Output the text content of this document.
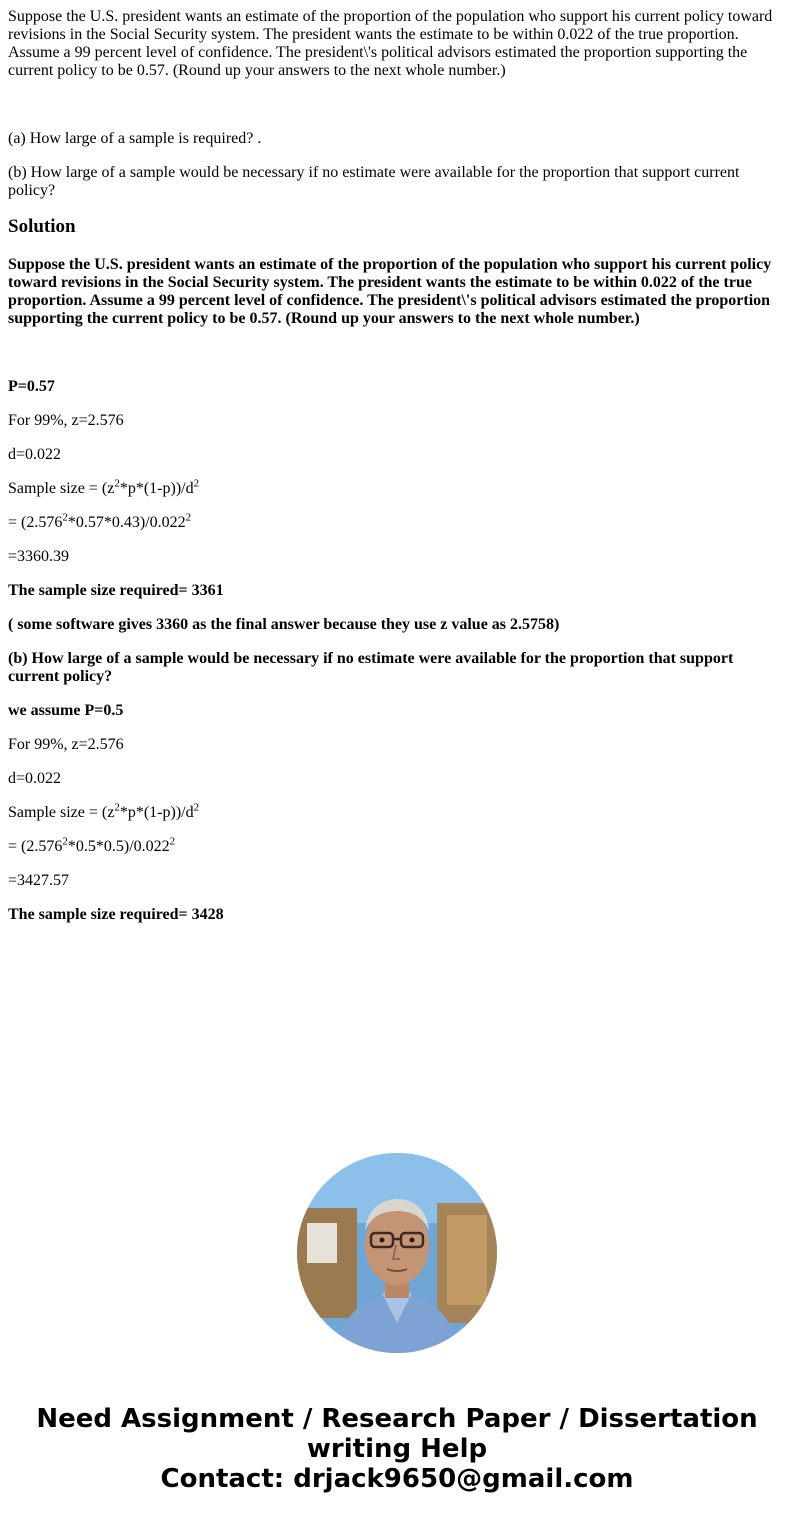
Suppose the U.S. president wants an estimate of the proportion of the population who support his current policy toward revisions in the Social Security system. The president wants the estimate to be within 0.022 of the true proportion. Assume a 99 percent level of confidence. The president\'s political advisors estimated the proportion supporting the current policy to be 0.57. (Round up your answers to the next whole number.)

(a) How large of a sample is required? .

(b) How large of a sample would be necessary if no estimate were available for the proportion that support current policy?

Solution

Suppose the U.S. president wants an estimate of the proportion of the population who support his current policy toward revisions in the Social Security system. The president wants the estimate to be within 0.022 of the true proportion. Assume a 99 percent level of confidence. The president\'s political advisors estimated the proportion supporting the current policy to be 0.57. (Round up your answers to the next whole number.)

P=0.57

For 99%, z=2.576

d=0.022

Sample size = $(z^2*p*(1-p))/d^2$

= $(2.576^2*0.57*0.43)/0.022^2$

=3360.39

The sample size required= 3361

( some software gives 3360 as the final answer because they use z value as 2.5758)

(b) How large of a sample would be necessary if no estimate were available for the proportion that support current policy?

we assume P=0.5

For 99%, z=2.576

d=0.022

Sample size = $(z^2*p*(1-p))/d^2$

= $(2.576^2*0.5*0.5)/0.022^2$

=3427.57

The sample size required= 3428

Need Assignment / Research Paper / Dissertation
writing Help
Contact: drjack9650@gmail.com
